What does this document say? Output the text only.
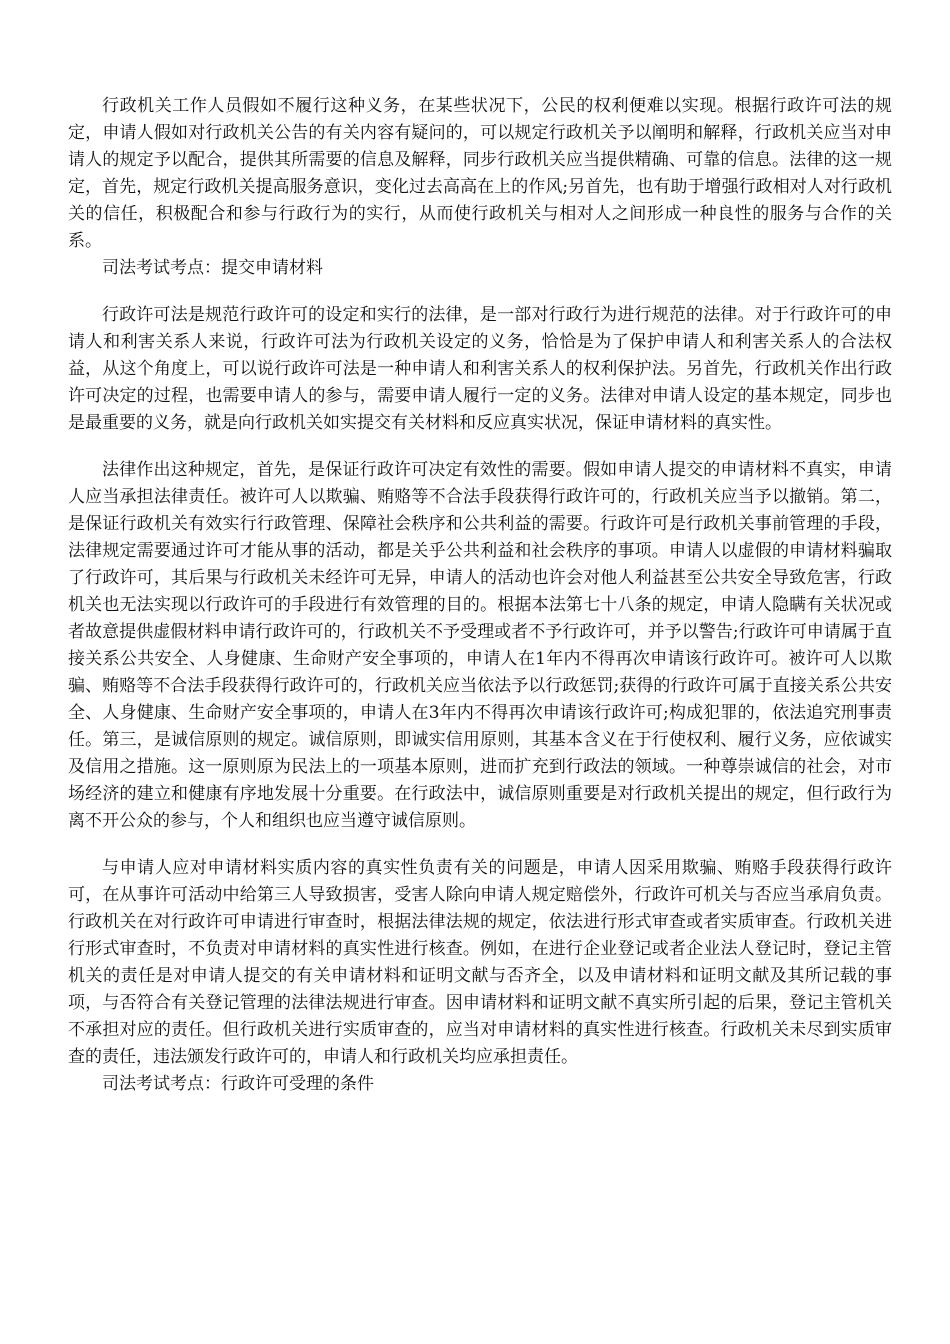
行政机关工作人员假如不履行这种义务，在某些状况下，公民的权利便难以实现。根据行政许可法的规定，申请人假如对行政机关公告的有关内容有疑问的，可以规定行政机关予以阐明和解释，行政机关应当对申请人的规定予以配合，提供其所需要的信息及解释，同步行政机关应当提供精确、可靠的信息。法律的这一规定，首先，规定行政机关提高服务意识，变化过去高高在上的作风;另首先，也有助于增强行政相对人对行政机关的信任，积极配合和参与行政行为的实行，从而使行政机关与相对人之间形成一种良性的服务与合作的关系。

司法考试考点：提交申请材料

行政许可法是规范行政许可的设定和实行的法律，是一部对行政行为进行规范的法律。对于行政许可的申请人和利害关系人来说，行政许可法为行政机关设定的义务，恰恰是为了保护申请人和利害关系人的合法权益，从这个角度上，可以说行政许可法是一种申请人和利害关系人的权利保护法。另首先，行政机关作出行政许可决定的过程，也需要申请人的参与，需要申请人履行一定的义务。法律对申请人设定的基本规定，同步也是最重要的义务，就是向行政机关如实提交有关材料和反应真实状况，保证申请材料的真实性。

法律作出这种规定，首先，是保证行政许可决定有效性的需要。假如申请人提交的申请材料不真实，申请人应当承担法律责任。被许可人以欺骗、贿赂等不合法手段获得行政许可的，行政机关应当予以撤销。第二，是保证行政机关有效实行行政管理、保障社会秩序和公共利益的需要。行政许可是行政机关事前管理的手段，法律规定需要通过许可才能从事的活动，都是关乎公共利益和社会秩序的事项。申请人以虚假的申请材料骗取了行政许可，其后果与行政机关未经许可无异，申请人的活动也许会对他人利益甚至公共安全导致危害，行政机关也无法实现以行政许可的手段进行有效管理的目的。根据本法第七十八条的规定，申请人隐瞒有关状况或者故意提供虚假材料申请行政许可的，行政机关不予受理或者不予行政许可，并予以警告;行政许可申请属于直接关系公共安全、人身健康、生命财产安全事项的，申请人在1年内不得再次申请该行政许可。被许可人以欺骗、贿赂等不合法手段获得行政许可的，行政机关应当依法予以行政惩罚;获得的行政许可属于直接关系公共安全、人身健康、生命财产安全事项的，申请人在3年内不得再次申请该行政许可;构成犯罪的，依法追究刑事责任。第三，是诚信原则的规定。诚信原则，即诚实信用原则，其基本含义在于行使权利、履行义务，应依诚实及信用之措施。这一原则原为民法上的一项基本原则，进而扩充到行政法的领域。一种尊崇诚信的社会，对市场经济的建立和健康有序地发展十分重要。在行政法中，诚信原则重要是对行政机关提出的规定，但行政行为离不开公众的参与，个人和组织也应当遵守诚信原则。

与申请人应对申请材料实质内容的真实性负责有关的问题是，申请人因采用欺骗、贿赂手段获得行政许可，在从事许可活动中给第三人导致损害，受害人除向申请人规定赔偿外，行政许可机关与否应当承肩负责。行政机关在对行政许可申请进行审查时，根据法律法规的规定，依法进行形式审查或者实质审查。行政机关进行形式审查时，不负责对申请材料的真实性进行核查。例如，在进行企业登记或者企业法人登记时，登记主管机关的责任是对申请人提交的有关申请材料和证明文献与否齐全，以及申请材料和证明文献及其所记载的事项，与否符合有关登记管理的法律法规进行审查。因申请材料和证明文献不真实所引起的后果，登记主管机关不承担对应的责任。但行政机关进行实质审查的，应当对申请材料的真实性进行核查。行政机关未尽到实质审查的责任，违法颁发行政许可的，申请人和行政机关均应承担责任。

司法考试考点：行政许可受理的条件
